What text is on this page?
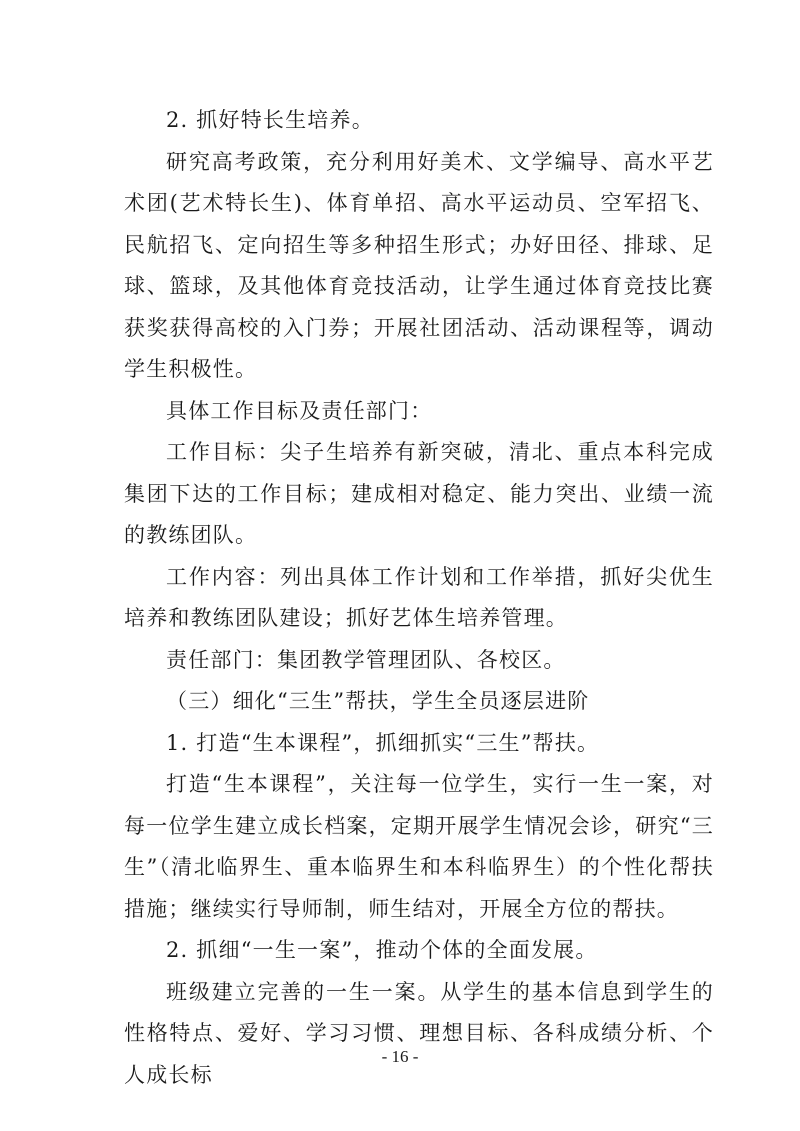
2. 抓好特长生培养。

研究高考政策，充分利用好美术、文学编导、高水平艺术团(艺术特长生)、体育单招、高水平运动员、空军招飞、民航招飞、定向招生等多种招生形式；办好田径、排球、足球、篮球，及其他体育竞技活动，让学生通过体育竞技比赛获奖获得高校的入门券；开展社团活动、活动课程等，调动学生积极性。

具体工作目标及责任部门：

工作目标：尖子生培养有新突破，清北、重点本科完成集团下达的工作目标；建成相对稳定、能力突出、业绩一流的教练团队。

工作内容：列出具体工作计划和工作举措，抓好尖优生培养和教练团队建设；抓好艺体生培养管理。

责任部门：集团教学管理团队、各校区。

（三）细化“三生”帮扶，学生全员逐层进阶

1. 打造“生本课程”，抓细抓实“三生”帮扶。

打造“生本课程”，关注每一位学生，实行一生一案，对每一位学生建立成长档案，定期开展学生情况会诊，研究“三生”（清北临界生、重本临界生和本科临界生）的个性化帮扶措施；继续实行导师制，师生结对，开展全方位的帮扶。

2. 抓细“一生一案”，推动个体的全面发展。

班级建立完善的一生一案。从学生的基本信息到学生的性格特点、爱好、学习习惯、理想目标、各科成绩分析、个人成长标

- 16 -
